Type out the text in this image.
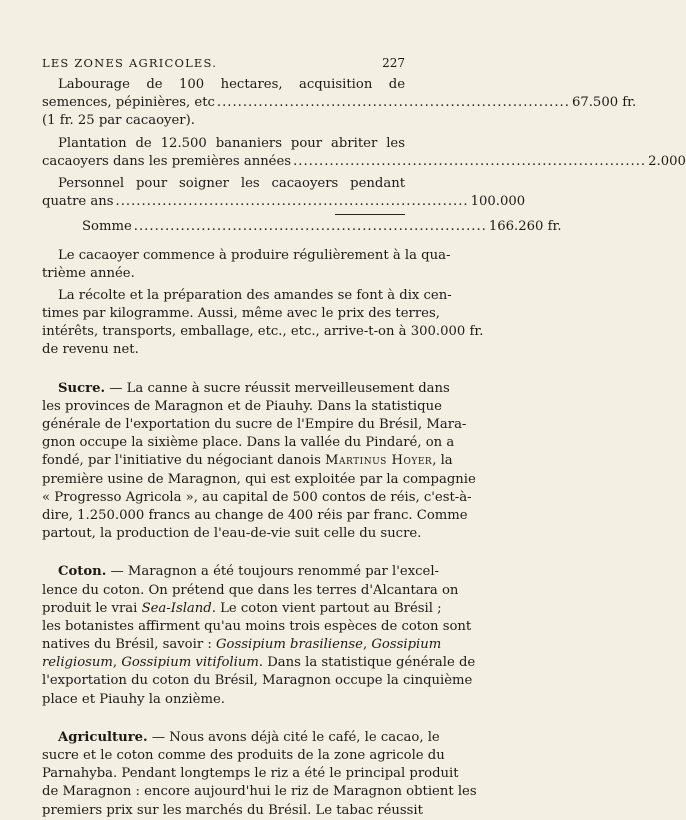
LES ZONES AGRICOLES.	227
Labourage de 100 hectares, acquisition de
semences, pépinières, etc .................................................................... 67.500 fr.
(1 fr. 25 par cacaoyer).
Plantation de 12.500 bananiers pour abriter les
cacaoyers dans les premières années .................................................................... 2.000
Personnel pour soigner les cacaoyers pendant
quatre ans .................................................................... 100.000
Somme .................................................................... 166.260 fr.
Le cacaoyer commence à produire régulièrement à la qua-
trième année.
La récolte et la préparation des amandes se font à dix cen-
times par kilogramme. Aussi, même avec le prix des terres,
intérêts, transports, emballage, etc., etc., arrive-t-on à 300.000 fr.
de revenu net.
Sucre. — La canne à sucre réussit merveilleusement dans
les provinces de Maragnon et de Piauhy. Dans la statistique
générale de l'exportation du sucre de l'Empire du Brésil, Mara-
gnon occupe la sixième place. Dans la vallée du Pindaré, on a
fondé, par l'initiative du négociant danois Martinus Hoyer, la
première usine de Maragnon, qui est exploitée par la compagnie
« Progresso Agricola », au capital de 500 contos de réis, c'est-à-
dire, 1.250.000 francs au change de 400 réis par franc. Comme
partout, la production de l'eau-de-vie suit celle du sucre.
Coton. — Maragnon a été toujours renommé par l'excel-
lence du coton. On prétend que dans les terres d'Alcantara on
produit le vrai Sea-Island. Le coton vient partout au Brésil ;
les botanistes affirment qu'au moins trois espèces de coton sont
natives du Brésil, savoir : Gossipium brasiliense, Gossipium
religiosum, Gossipium vitifolium. Dans la statistique générale de
l'exportation du coton du Brésil, Maragnon occupe la cinquième
place et Piauhy la onzième.
Agriculture. — Nous avons déjà cité le café, le cacao, le
sucre et le coton comme des produits de la zone agricole du
Parnahyba. Pendant longtemps le riz a été le principal produit
de Maragnon : encore aujourd'hui le riz de Maragnon obtient les
premiers prix sur les marchés du Brésil. Le tabac réussit
